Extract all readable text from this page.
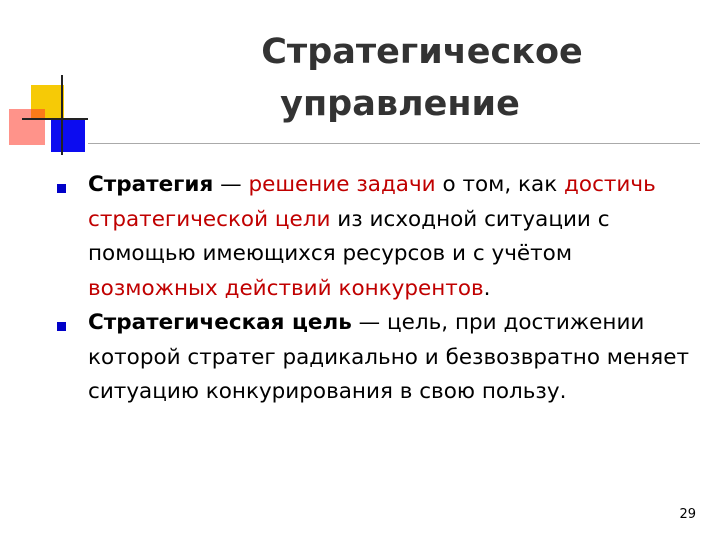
Стратегическое
управление
Стратегия — решение задачи о том, как достичь стратегической цели из исходной ситуации с помощью имеющихся ресурсов и с учётом возможных действий конкурентов.
Стратегическая цель — цель, при достижении которой стратег радикально и безвозвратно меняет ситуацию конкурирования в свою пользу.
29
